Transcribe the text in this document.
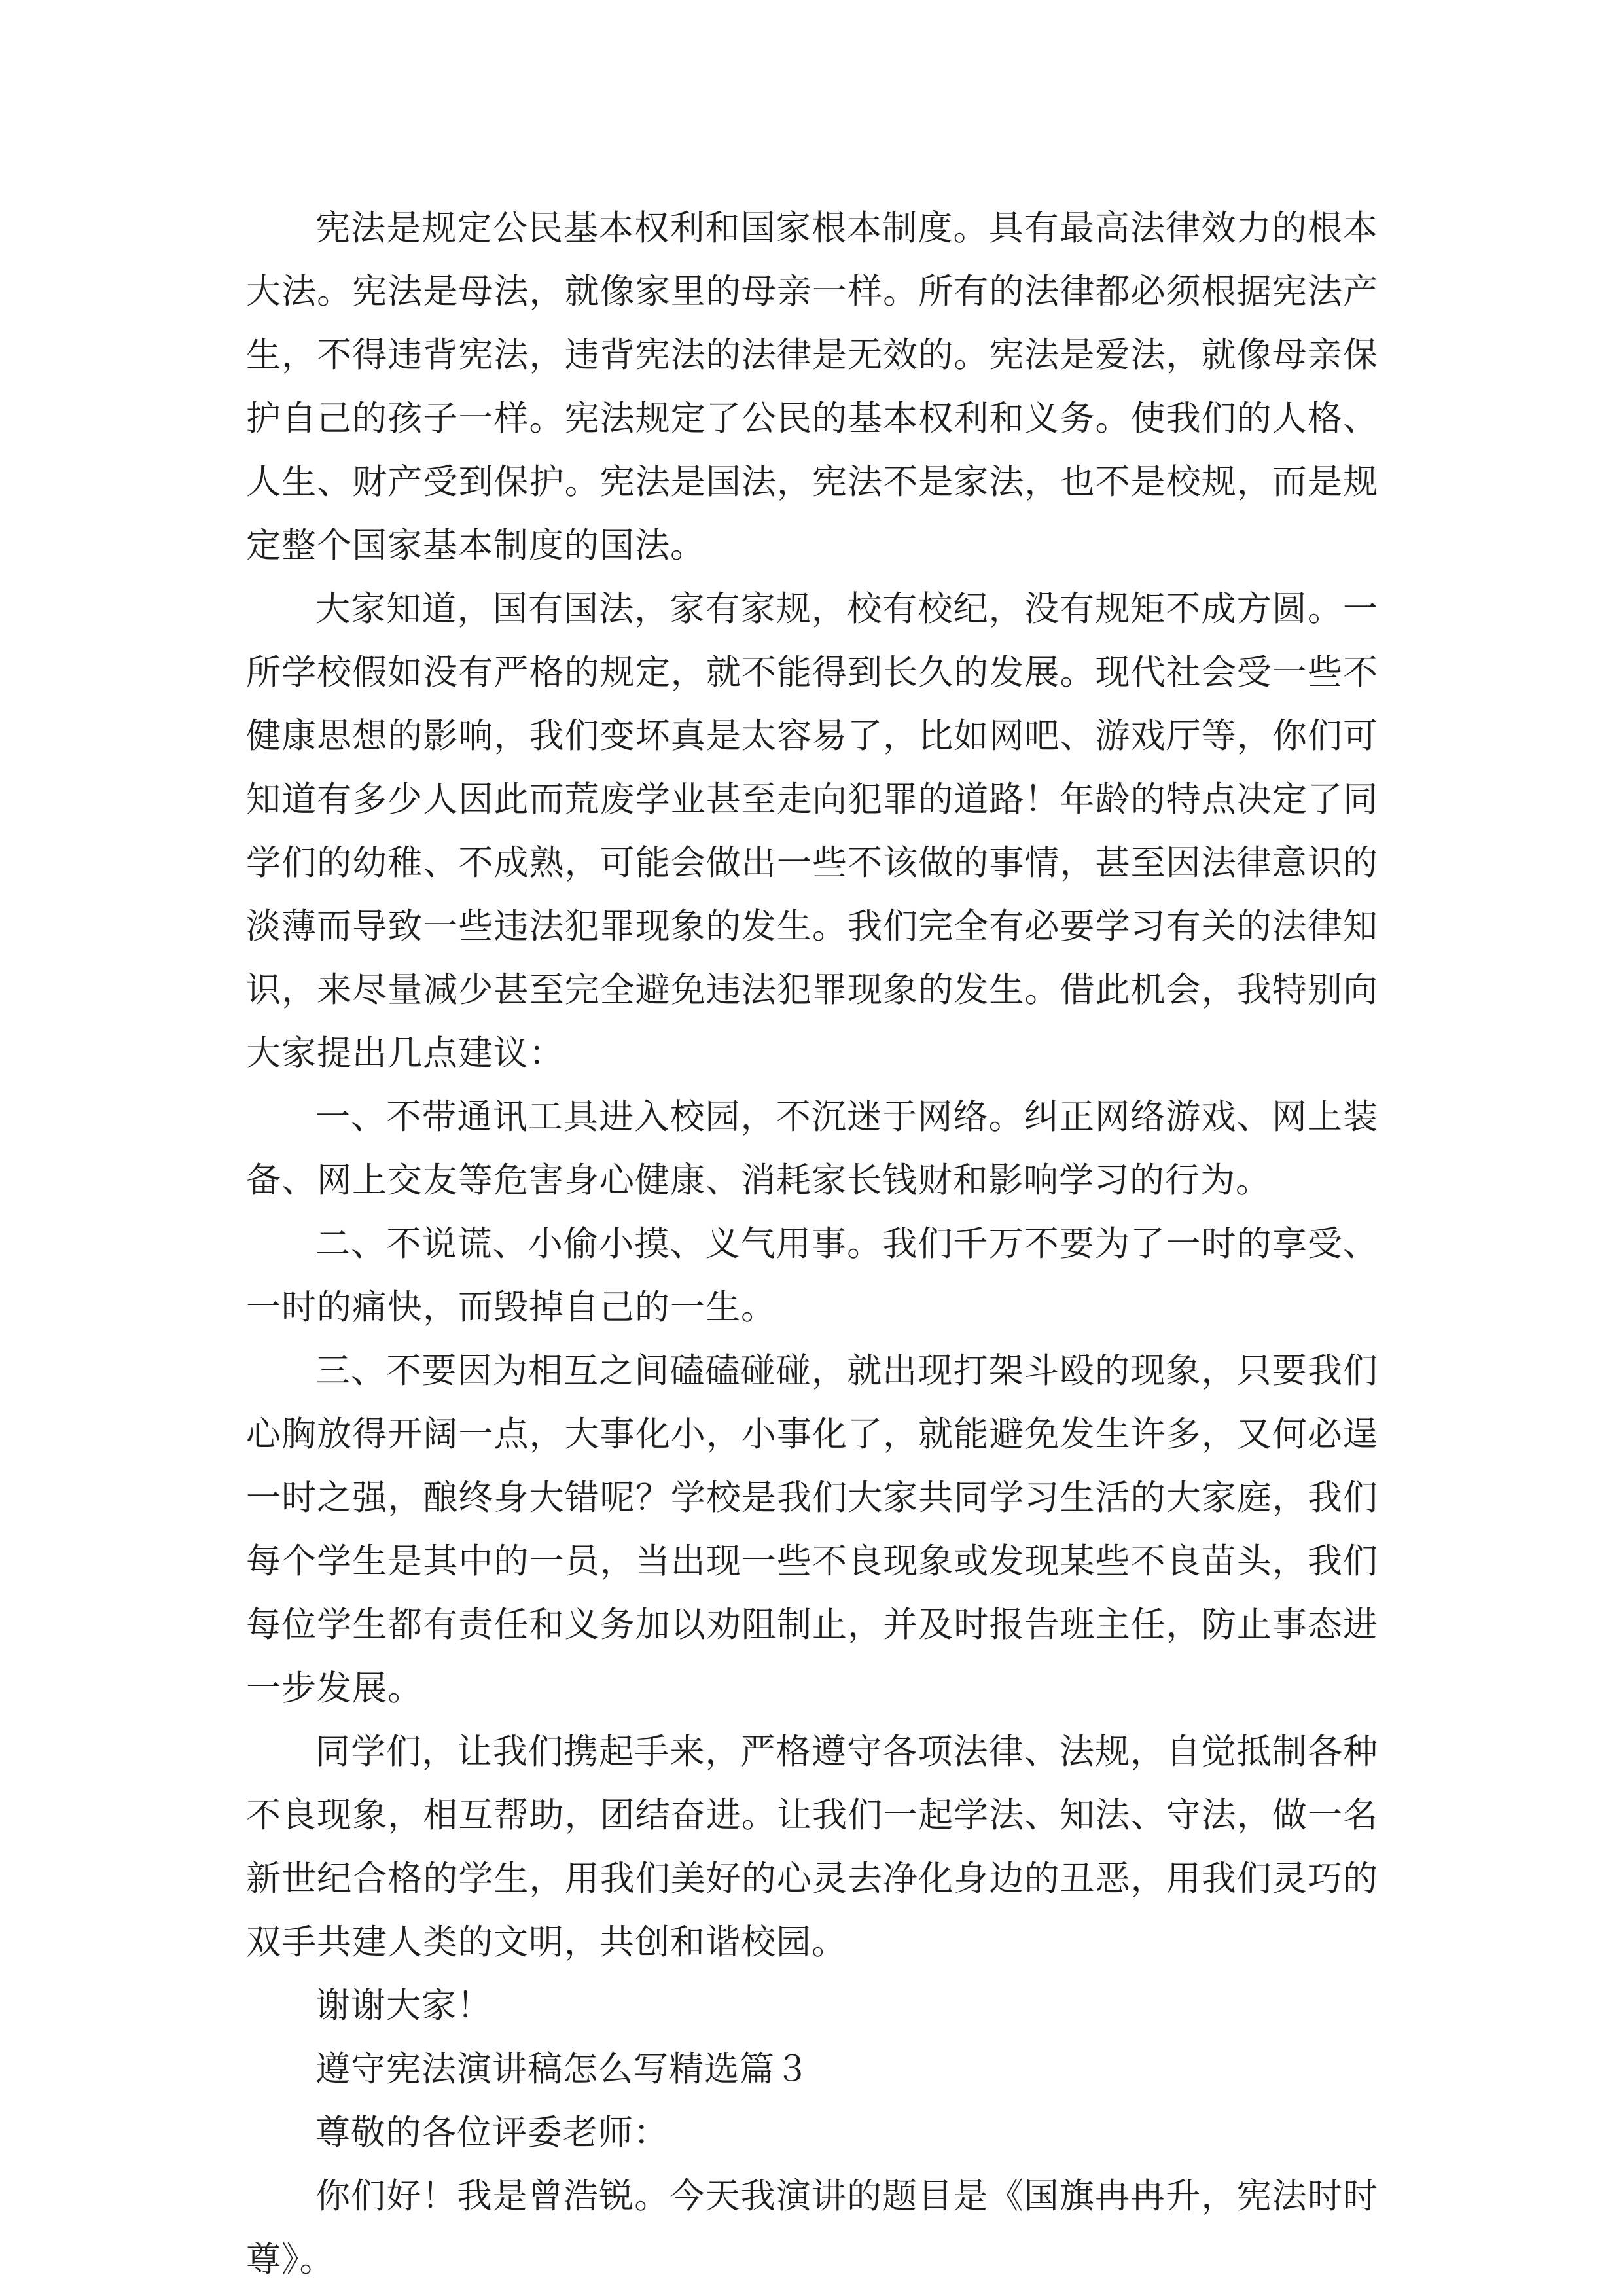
宪法是规定公民基本权利和国家根本制度。具有最高法律效力的根本大法。宪法是母法，就像家里的母亲一样。所有的法律都必须根据宪法产生，不得违背宪法，违背宪法的法律是无效的。宪法是爱法，就像母亲保护自己的孩子一样。宪法规定了公民的基本权利和义务。使我们的人格、人生、财产受到保护。宪法是国法，宪法不是家法，也不是校规，而是规定整个国家基本制度的国法。

大家知道，国有国法，家有家规，校有校纪，没有规矩不成方圆。一所学校假如没有严格的规定，就不能得到长久的发展。现代社会受一些不健康思想的影响，我们变坏真是太容易了，比如网吧、游戏厅等，你们可知道有多少人因此而荒废学业甚至走向犯罪的道路！年龄的特点决定了同学们的幼稚、不成熟，可能会做出一些不该做的事情，甚至因法律意识的淡薄而导致一些违法犯罪现象的发生。我们完全有必要学习有关的法律知识，来尽量减少甚至完全避免违法犯罪现象的发生。借此机会，我特别向大家提出几点建议：

一、不带通讯工具进入校园，不沉迷于网络。纠正网络游戏、网上装备、网上交友等危害身心健康、消耗家长钱财和影响学习的行为。

二、不说谎、小偷小摸、义气用事。我们千万不要为了一时的享受、一时的痛快，而毁掉自己的一生。

三、不要因为相互之间磕磕碰碰，就出现打架斗殴的现象，只要我们心胸放得开阔一点，大事化小，小事化了，就能避免发生许多，又何必逞一时之强，酿终身大错呢？学校是我们大家共同学习生活的大家庭，我们每个学生是其中的一员，当出现一些不良现象或发现某些不良苗头，我们每位学生都有责任和义务加以劝阻制止，并及时报告班主任，防止事态进一步发展。

同学们，让我们携起手来，严格遵守各项法律、法规，自觉抵制各种不良现象，相互帮助，团结奋进。让我们一起学法、知法、守法，做一名新世纪合格的学生，用我们美好的心灵去净化身边的丑恶，用我们灵巧的双手共建人类的文明，共创和谐校园。

谢谢大家！

遵守宪法演讲稿怎么写精选篇３

尊敬的各位评委老师：

你们好！我是曾浩锐。今天我演讲的题目是《国旗冉冉升，宪法时时尊》。
